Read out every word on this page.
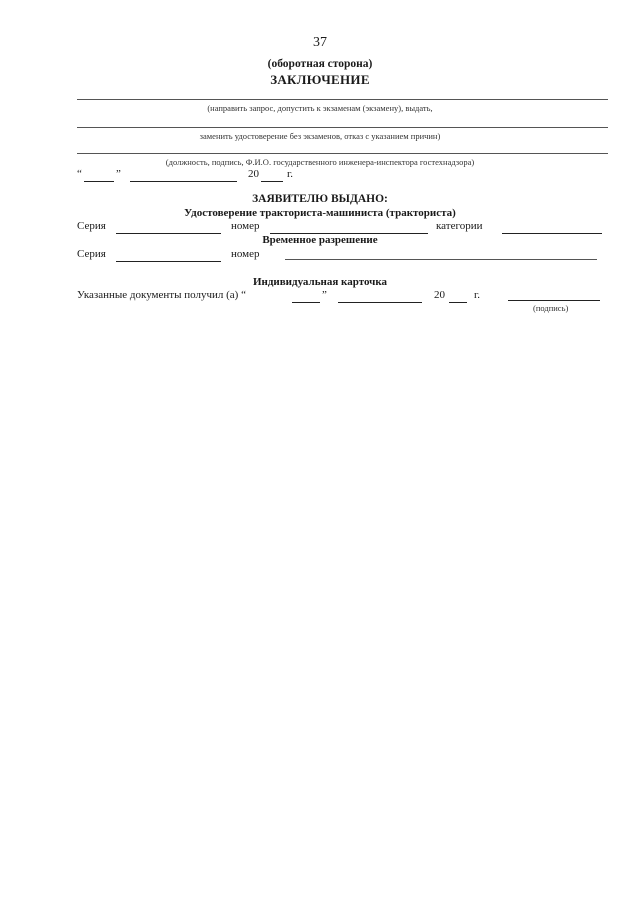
37
(оборотная сторона)
ЗАКЛЮЧЕНИЕ
(направить запрос, допустить к экзаменам (экзамену), выдать,
заменить удостоверение без экзаменов, отказ с указанием причин)
(должность, подпись, Ф.И.О. государственного инженера-инспектора гостехнадзора)
“	”	20	г.
ЗАЯВИТЕЛЮ ВЫДАНО:
Удостоверение тракториста-машиниста (тракториста)
Серия	номер	категории
Временное разрешение
Серия	номер
Индивидуальная карточка
Указанные документы получил (а) “	”	20	г.
(подпись)
